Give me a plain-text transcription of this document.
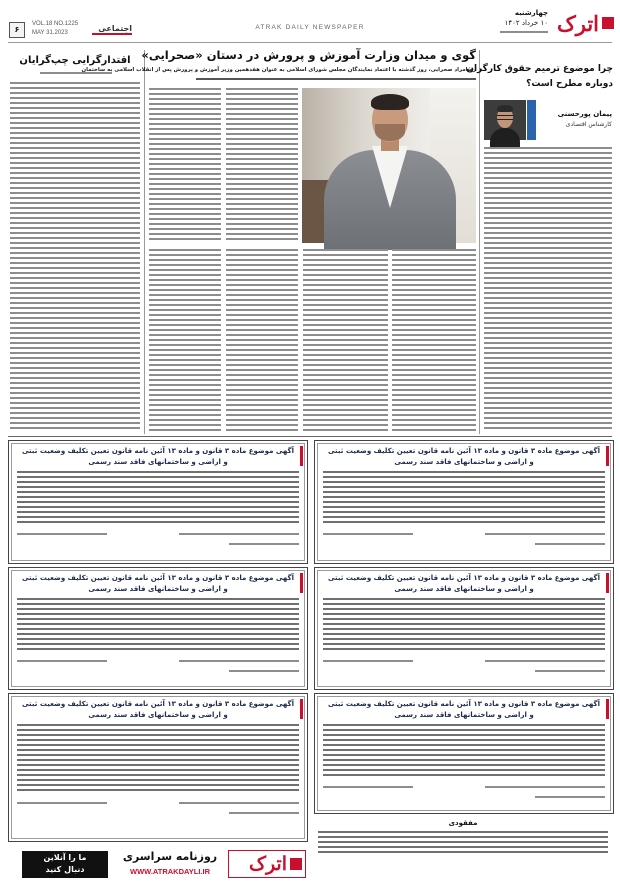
اترک
چهارشنبه
۱۰ خرداد ۱۴۰۲
ATRAK DAILY NEWSPAPER
۶
VOL.18 NO.1225
MAY 31.2023	اجتماعی
اقتدارگرایی چپ‌گرایان گوی و میدان وزارت آموزش و پرورش در دستان «صحرایی»
رضامراد صحرایی، روز گذشته با اعتماد نمایندگان مجلس شورای اسلامی به عنوان هفدهمین وزیر آموزش و پرورش پس از انقلاب اسلامی به ساختمان
چرا موضوع ترمیم حقوق کارگران
دوباره مطرح است؟
پیمان پورحسنی
کارشناس اقتصادی
آگهی موضوع ماده ۳ قانون و ماده ۱۳ آئین نامه قانون تعیین تکلیف وضعیت ثبتی
و اراضی و ساختمانهای فاقد سند رسمی
آگهی موضوع ماده ۳ قانون و ماده ۱۳ آئین نامه قانون تعیین تکلیف وضعیت ثبتی
و اراضی و ساختمانهای فاقد سند رسمی
آگهی موضوع ماده ۳ قانون و ماده ۱۳ آئین نامه قانون تعیین تکلیف وضعیت ثبتی
و اراضی و ساختمانهای فاقد سند رسمی
آگهی موضوع ماده ۳ قانون و ماده ۱۳ آئین نامه قانون تعیین تکلیف وضعیت ثبتی
و اراضی و ساختمانهای فاقد سند رسمی
آگهی موضوع ماده ۳ قانون و ماده ۱۳ آئین نامه قانون تعیین تکلیف وضعیت ثبتی
و اراضی و ساختمانهای فاقد سند رسمی
آگهی موضوع ماده ۳ قانون و ماده ۱۳ آئین نامه قانون تعیین تکلیف وضعیت ثبتی
و اراضی و ساختمانهای فاقد سند رسمی
مفقودی
ما را آنلاین
دنبال کنید
روزنامه سراسری
WWW.ATRAKDAYLI.IR	اترک
